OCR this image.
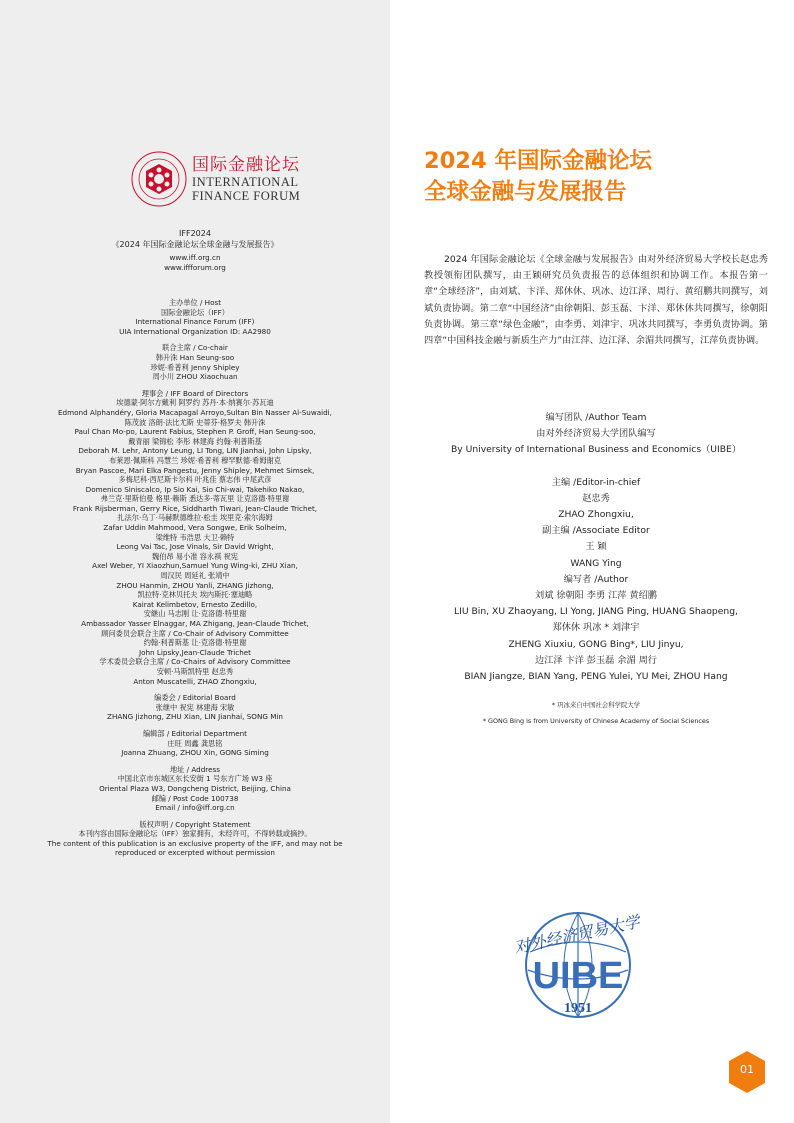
国际金融论坛
INTERNATIONAL
FINANCE FORUM
IFF2024
《2024 年国际金融论坛全球金融与发展报告》
www.iff.org.cn
www.iffforum.org
主办单位 / Host
国际金融论坛（IFF）
International Finance Forum (IFF)
UIA International Organization ID: AA2980
联合主席 / Co-chair
韩升洙 Han Seung-soo
珍妮·希普利 Jenny Shipley
周小川 ZHOU Xiaochuan
理事会 / IFF Board of Directors
埃德蒙·阿尔方戴利 阿罗约 苏丹·本·纳赛尔·苏瓦迪
Edmond Alphandéry, Gloria Macapagal Arroyo,Sultan Bin Nasser Al-Suwaidi,
陈茂波 洛朗·法比尤斯 史蒂芬·格罗夫 韩升洙
Paul Chan Mo-po, Laurent Fabius, Stephen P. Groff, Han Seung-soo,
戴青丽 梁锦松 李彤 林建海 约翰·利普斯基
Deborah M. Lehr, Antony Leung, LI Tong, LIN Jianhai, John Lipsky,
布莱恩·佩斯科 冯慧兰 珍妮·希普利 穆罕默德·希姆谢克
Bryan Pascoe, Mari Elka Pangestu, Jenny Shipley, Mehmet Simsek,
多梅尼科·西尼斯卡尔科 叶兆佳 蔡志伟 中尾武彦
Domenico Siniscalco, Ip Sio Kai, Sio Chi-wai, Takehiko Nakao,
弗兰克·里斯伯曼 格里·赖斯 悉达多·蒂瓦里 让克洛德·特里谢
Frank Rijsberman, Gerry Rice, Siddharth Tiwari, Jean-Claude Trichet,
扎法尔·乌丁·马赫默德维拉·松圭 埃里克·索尔海姆
Zafar Uddin Mahmood, Vera Songwe, Erik Solheim,
梁维特 韦浩思 大卫·赖特
Leong Vai Tac, Jose Vinals, Sir David Wright,
魏伯昂 易小准 容永祺 祝宪
Axel Weber, YI Xiaozhun,Samuel Yung Wing-ki, ZHU Xian,
周汉民 周延礼 张靖中
ZHOU Hanmin, ZHOU Yanli, ZHANG Jizhong,
凯拉特·克林贝托夫 埃内斯托·塞迪略
Kairat Kelimbetov, Ernesto Zedillo,
安継山 马志刚 让·克洛德·特里谢
Ambassador Yasser Elnaggar, MA Zhigang, Jean-Claude Trichet,
顾问委员会联合主席 / Co-Chair of Advisory Committee
约翰·利普斯基 让·克洛德·特里谢
John Lipsky,Jean-Claude Trichet
学术委员会联合主席 / Co-Chairs of Advisory Committee
安顿·马斯凯特里 赵忠秀
Anton Muscatelli, ZHAO Zhongxiu,
编委会 / Editorial Board
张继中 祝宪 林建海 宋敏
ZHANG Jizhong, ZHU Xian, LIN Jianhai, SONG Min
编辑部 / Editorial Department
庄旺 周鑫 龚思铭
Joanna Zhuang, ZHOU Xin, GONG Siming
地址 / Address
中国北京市东城区东长安街 1 号东方广场 W3 座
Oriental Plaza W3, Dongcheng District, Beijing, China
邮编 / Post Code 100738
Email / info@iff.org.cn
版权声明 / Copyright Statement
本刊内容由国际金融论坛（IFF）独家拥有，未经许可，不得转载或摘抄。
The content of this publication is an exclusive property of the IFF, and may not be
reproduced or excerpted without permission
2024 年国际金融论坛
全球金融与发展报告
2024 年国际金融论坛《全球金融与发展报告》由对外经济贸易大学校长赵忠秀教授领衔团队撰写，由王颖研究员负责报告的总体组织和协调工作。本报告第一章“全球经济”，由刘斌、卞洋、郑休休、巩冰、边江泽、周行、黄绍鹏共同撰写，刘斌负责协调。第二章“中国经济”由徐朝阳、彭玉磊、卞洋、郑休休共同撰写，徐朝阳负责协调。第三章“绿色金融”，由李勇、刘津宇、巩冰共同撰写，李勇负责协调。第四章“中国科技金融与新质生产力”由江萍、边江泽、余湄共同撰写，江萍负责协调。
编写团队 /Author Team
由对外经济贸易大学团队编写
By University of International Business and Economics（UIBE）
主编 /Editor-in-chief
赵忠秀
ZHAO Zhongxiu,
副主编 /Associate Editor
王 颖
WANG Ying
编写者 /Author
刘斌 徐朝阳 李勇 江萍 黄绍鹏
LIU Bin, XU Zhaoyang, LI Yong, JIANG Ping, HUANG Shaopeng,
郑休休 巩冰 * 刘津宇
ZHENG Xiuxiu, GONG Bing*, LIU Jinyu,
边江泽 卞洋 彭玉磊 余湄 周行
BIAN Jiangze, BIAN Yang, PENG Yulei, YU Mei, ZHOU Hang
* 巩冰来自中国社会科学院大学
* GONG Bing is from University of Chinese Academy of Social Sciences
对外经济贸易大学
UIBE
1951
01
